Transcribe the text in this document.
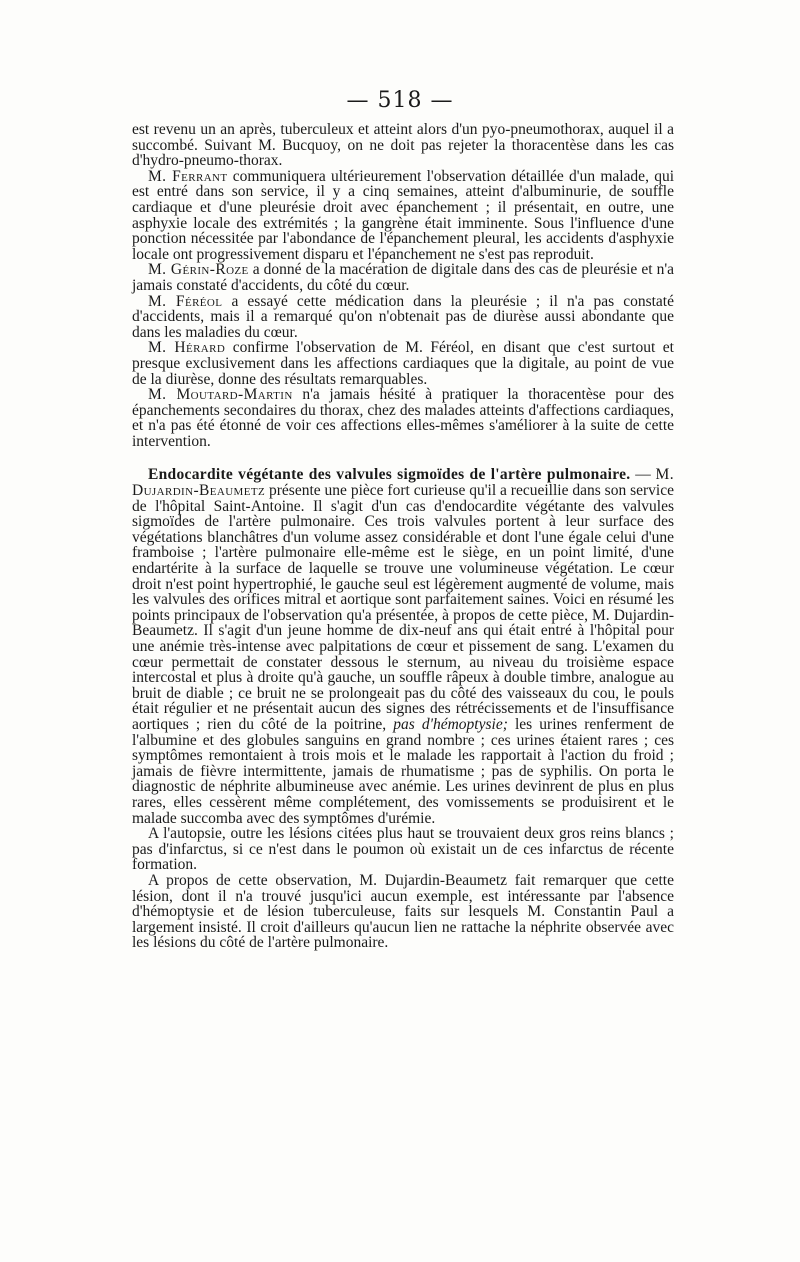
— 518 —

est revenu un an après, tuberculeux et atteint alors d'un pyo-pneumothorax, auquel il a succombé. Suivant M. Bucquoy, on ne doit pas rejeter la thoracentèse dans les cas d'hydro-pneumo-thorax.

M. Ferrant communiquera ultérieurement l'observation détaillée d'un malade, qui est entré dans son service, il y a cinq semaines, atteint d'albuminurie, de souffle cardiaque et d'une pleurésie droit avec épanchement ; il présentait, en outre, une asphyxie locale des extrémités ; la gangrène était imminente. Sous l'influence d'une ponction nécessitée par l'abondance de l'épanchement pleural, les accidents d'asphyxie locale ont progressivement disparu et l'épanchement ne s'est pas reproduit.

M. Gérin-Roze a donné de la macération de digitale dans des cas de pleurésie et n'a jamais constaté d'accidents, du côté du cœur.

M. Féréol a essayé cette médication dans la pleurésie ; il n'a pas constaté d'accidents, mais il a remarqué qu'on n'obtenait pas de diurèse aussi abondante que dans les maladies du cœur.

M. Hérard confirme l'observation de M. Féréol, en disant que c'est surtout et presque exclusivement dans les affections cardiaques que la digitale, au point de vue de la diurèse, donne des résultats remarquables.

M. Moutard-Martin n'a jamais hésité à pratiquer la thoracentèse pour des épanchements secondaires du thorax, chez des malades atteints d'affections cardiaques, et n'a pas été étonné de voir ces affections elles-mêmes s'améliorer à la suite de cette intervention.

Endocardite végétante des valvules sigmoïdes de l'artère pulmonaire. — M. Dujardin-Beaumetz présente une pièce fort curieuse qu'il a recueillie dans son service de l'hôpital Saint-Antoine. Il s'agit d'un cas d'endocardite végétante des valvules sigmoïdes de l'artère pulmonaire. Ces trois valvules portent à leur surface des végétations blanchâtres d'un volume assez considérable et dont l'une égale celui d'une framboise ; l'artère pulmonaire elle-même est le siège, en un point limité, d'une endartérite à la surface de laquelle se trouve une volumineuse végétation. Le cœur droit n'est point hypertrophié, le gauche seul est légèrement augmenté de volume, mais les valvules des orifices mitral et aortique sont parfaitement saines. Voici en résumé les points principaux de l'observation qu'a présentée, à propos de cette pièce, M. Dujardin-Beaumetz. Il s'agit d'un jeune homme de dix-neuf ans qui était entré à l'hôpital pour une anémie très-intense avec palpitations de cœur et pissement de sang. L'examen du cœur permettait de constater dessous le sternum, au niveau du troisième espace intercostal et plus à droite qu'à gauche, un souffle râpeux à double timbre, analogue au bruit de diable ; ce bruit ne se prolongeait pas du côté des vaisseaux du cou, le pouls était régulier et ne présentait aucun des signes des rétrécissements et de l'insuffisance aortiques ; rien du côté de la poitrine, pas d'hémoptysie; les urines renferment de l'albumine et des globules sanguins en grand nombre ; ces urines étaient rares ; ces symptômes remontaient à trois mois et le malade les rapportait à l'action du froid ; jamais de fièvre intermittente, jamais de rhumatisme ; pas de syphilis. On porta le diagnostic de néphrite albumineuse avec anémie. Les urines devinrent de plus en plus rares, elles cessèrent même complétement, des vomissements se produisirent et le malade succomba avec des symptômes d'urémie.

A l'autopsie, outre les lésions citées plus haut se trouvaient deux gros reins blancs ; pas d'infarctus, si ce n'est dans le poumon où existait un de ces infarctus de récente formation.

A propos de cette observation, M. Dujardin-Beaumetz fait remarquer que cette lésion, dont il n'a trouvé jusqu'ici aucun exemple, est intéressante par l'absence d'hémoptysie et de lésion tuberculeuse, faits sur lesquels M. Constantin Paul a largement insisté. Il croit d'ailleurs qu'aucun lien ne rattache la néphrite observée avec les lésions du côté de l'artère pulmonaire.
